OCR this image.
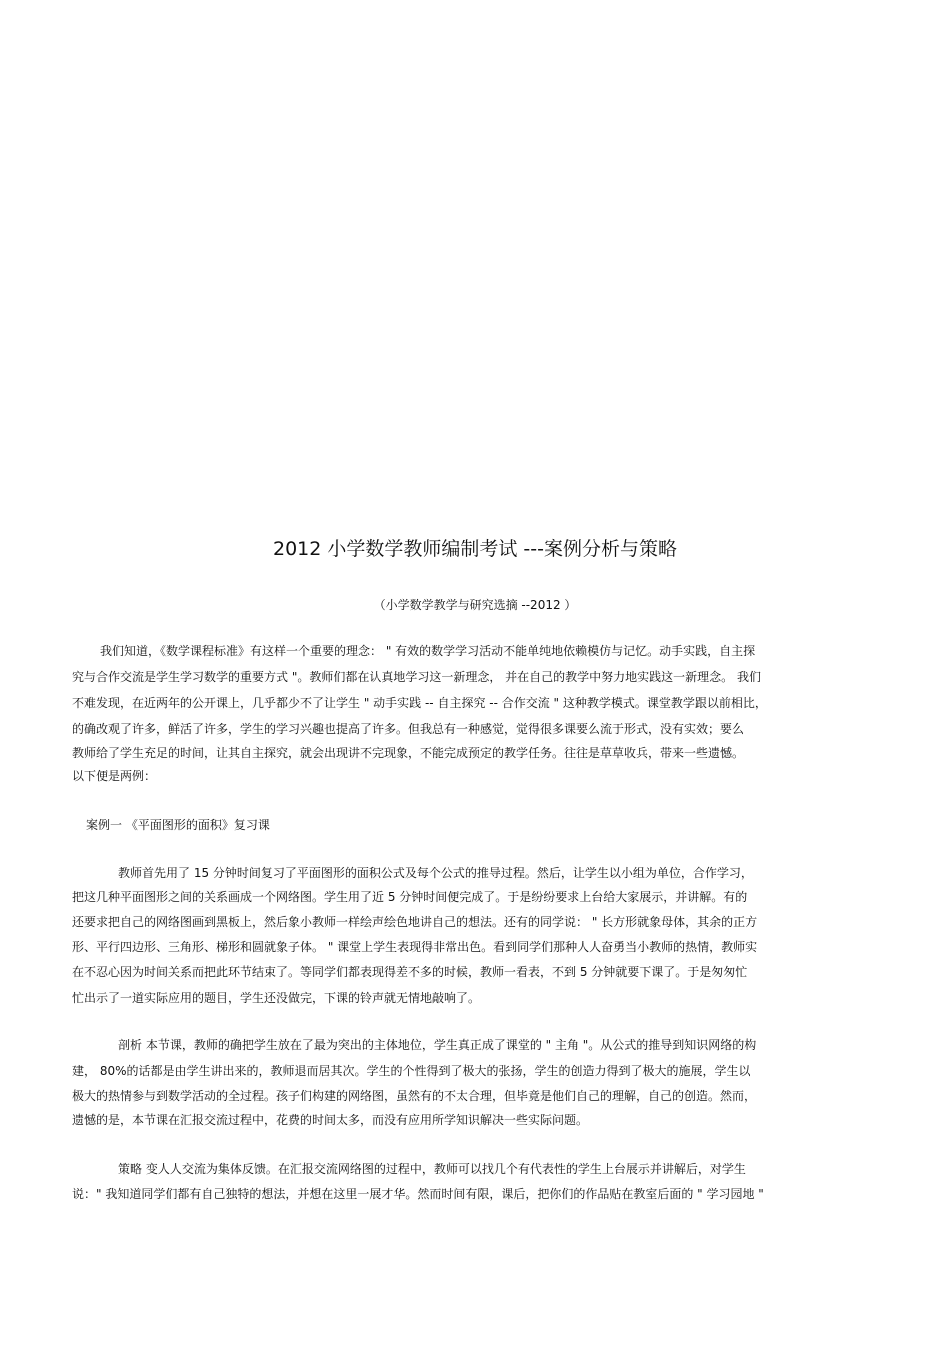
2012 小学数学教师编制考试 ---案例分析与策略
（小学数学教学与研究选摘 --2012 ）
我们知道，《数学课程标准》有这样一个重要的理念： " 有效的数学学习活动不能单纯地依赖模仿与记忆。动手实践，自主探
究与合作交流是学生学习数学的重要方式 "。教师们都在认真地学习这一新理念， 并在自己的教学中努力地实践这一新理念。 我们
不难发现，在近两年的公开课上，几乎都少不了让学生 " 动手实践 -- 自主探究 -- 合作交流 " 这种教学模式。课堂教学跟以前相比，
的确改观了许多，鲜活了许多，学生的学习兴趣也提高了许多。但我总有一种感觉，觉得很多课要么流于形式，没有实效；要么
教师给了学生充足的时间，让其自主探究，就会出现讲不完现象，不能完成预定的教学任务。往往是草草收兵，带来一些遗憾。
以下便是两例：
案例一 《平面图形的面积》复习课
教师首先用了 15 分钟时间复习了平面图形的面积公式及每个公式的推导过程。然后，让学生以小组为单位，合作学习，
把这几种平面图形之间的关系画成一个网络图。学生用了近 5 分钟时间便完成了。于是纷纷要求上台给大家展示，并讲解。有的
还要求把自己的网络图画到黑板上，然后象小教师一样绘声绘色地讲自己的想法。还有的同学说： " 长方形就象母体，其余的正方
形、平行四边形、三角形、梯形和圆就象子体。 " 课堂上学生表现得非常出色。看到同学们那种人人奋勇当小教师的热情，教师实
在不忍心因为时间关系而把此环节结束了。等同学们都表现得差不多的时候，教师一看表，不到 5 分钟就要下课了。于是匆匆忙
忙出示了一道实际应用的题目，学生还没做完，下课的铃声就无情地敲响了。
剖析 本节课，教师的确把学生放在了最为突出的主体地位，学生真正成了课堂的 " 主角 "。从公式的推导到知识网络的构
建， 80%的话都是由学生讲出来的，教师退而居其次。学生的个性得到了极大的张扬，学生的创造力得到了极大的施展，学生以
极大的热情参与到数学活动的全过程。孩子们构建的网络图，虽然有的不太合理，但毕竟是他们自己的理解，自己的创造。然而，
遗憾的是，本节课在汇报交流过程中，花费的时间太多，而没有应用所学知识解决一些实际问题。
策略 变人人交流为集体反馈。在汇报交流网络图的过程中，教师可以找几个有代表性的学生上台展示并讲解后，对学生
说：" 我知道同学们都有自己独特的想法，并想在这里一展才华。然而时间有限，课后，把你们的作品贴在教室后面的 " 学习园地 "
